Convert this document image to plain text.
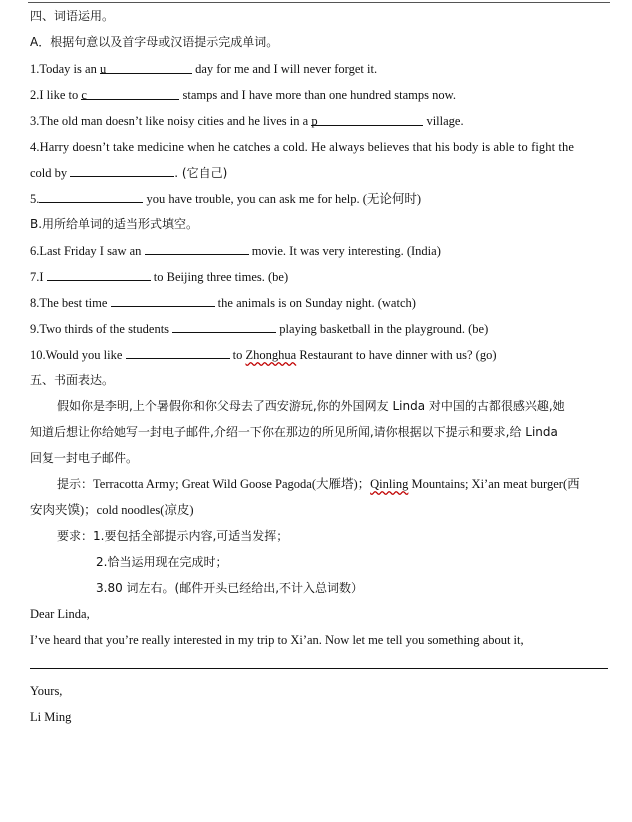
四、词语运用。
A．根据句意以及首字母或汉语提示完成单词。
1.Today is an u	day for me and I will never forget it.
2.I like to c	stamps and I have more than one hundred stamps now.
3.The old man doesn’t like noisy cities and he lives in a p	village.
4.Harry doesn’t take medicine when he catches a cold. He always believes that his body is able to fight the
cold by	. (它自己)
5.	you have trouble, you can ask me for help. (无论何时)
B.用所给单词的适当形式填空。
6.Last Friday I saw an	movie. It was very interesting. (India)
7.I	to Beijing three times. (be)
8.The best time	the animals is on Sunday night. (watch)
9.Two thirds of the students	playing basketball in the playground. (be)
10.Would you like	to Zhonghua Restaurant to have dinner with us? (go)
五、书面表达。
假如你是李明,上个暑假你和你父母去了西安游玩,你的外国网友 Linda 对中国的古都很感兴趣,她
知道后想让你给她写一封电子邮件,介绍一下你在那边的所见所闻,请你根据以下提示和要求,给 Linda
回复一封电子邮件。
提示：Terracotta Army; Great Wild Goose Pagoda(大雁塔)；Qinling Mountains; Xi’an meat burger(西
安肉夹馍)；cold noodles(凉皮)
要求：1.要包括全部提示内容,可适当发挥；
2.恰当运用现在完成时；
3.80 词左右。(邮件开头已经给出,不计入总词数）
Dear Linda,
I’ve heard that you’re really interested in my trip to Xi’an. Now let me tell you something about it,
Yours,
Li Ming
